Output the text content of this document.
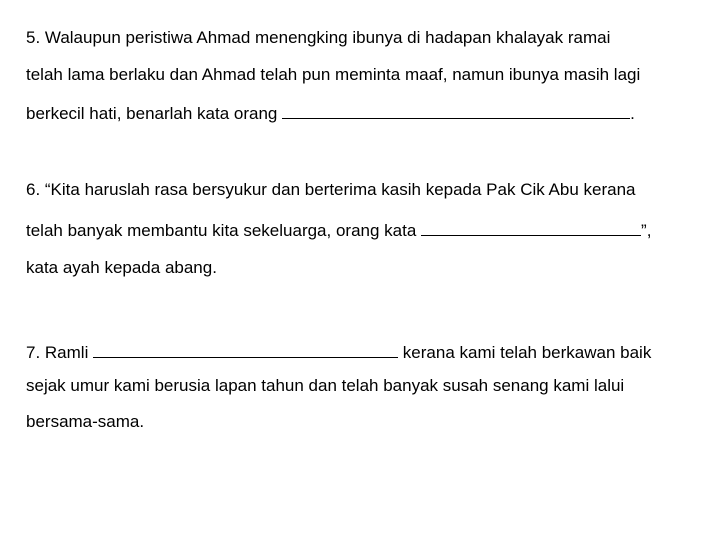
5. Walaupun peristiwa Ahmad menengking ibunya di hadapan khalayak ramai
telah lama berlaku dan Ahmad telah pun meminta maaf, namun ibunya masih lagi
berkecil hati, benarlah kata orang	.
6. “Kita haruslah rasa bersyukur dan berterima kasih kepada Pak Cik Abu kerana
telah banyak membantu kita sekeluarga, orang kata	”,
kata ayah kepada abang.
7. Ramli	kerana kami telah berkawan baik
sejak umur kami berusia lapan tahun dan telah banyak susah senang kami lalui
bersama-sama.
